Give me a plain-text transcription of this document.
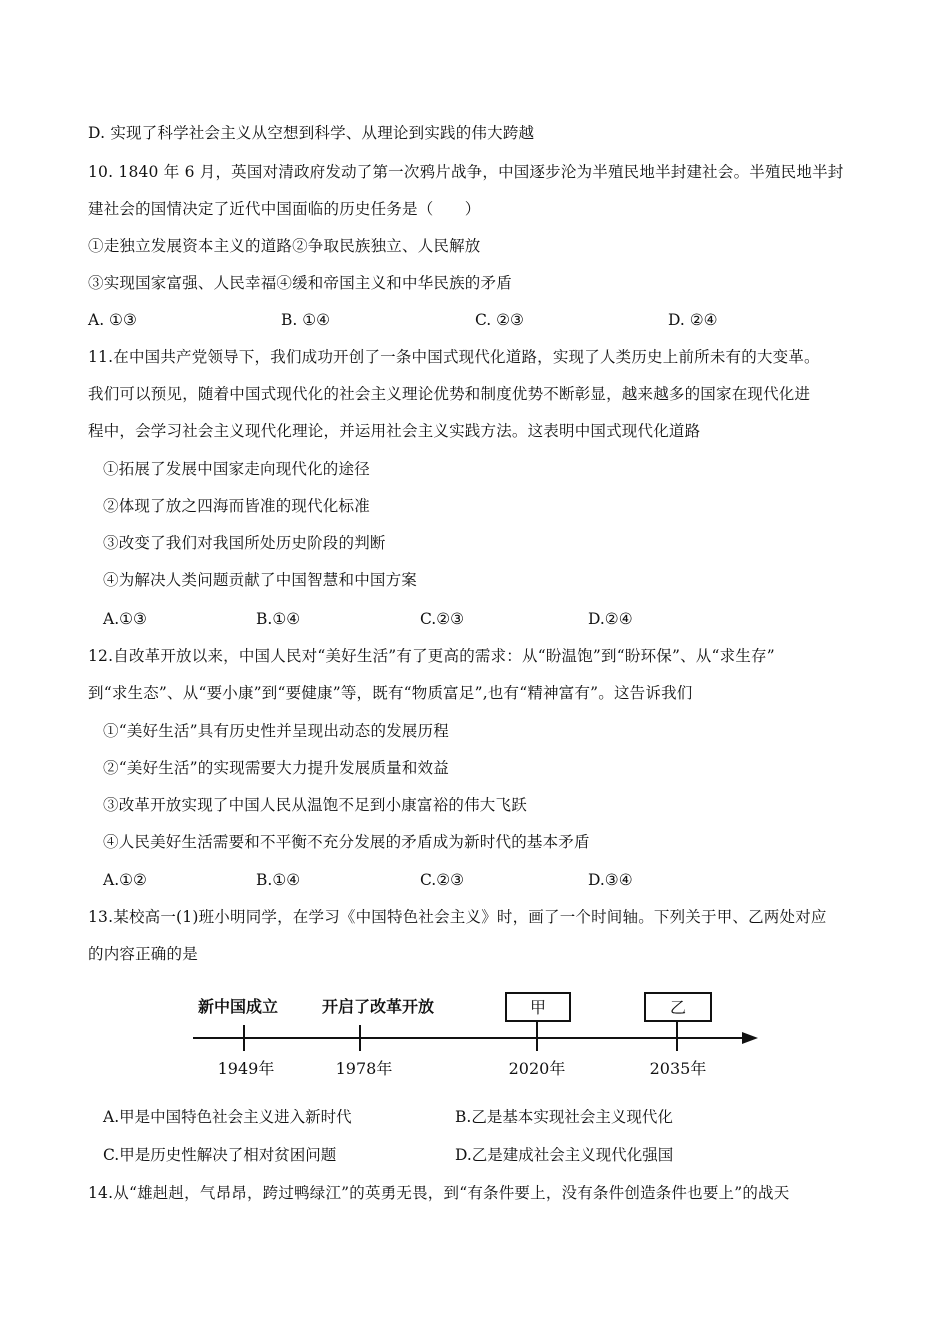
D. 实现了科学社会主义从空想到科学、从理论到实践的伟大跨越
10. 1840 年 6 月，英国对清政府发动了第一次鸦片战争，中国逐步沦为半殖民地半封建社会。半殖民地半封
建社会的国情决定了近代中国面临的历史任务是（　　）
①走独立发展资本主义的道路②争取民族独立、人民解放
③实现国家富强、人民幸福④缓和帝国主义和中华民族的矛盾
A. ①③	B. ①④	C. ②③	D. ②④
11.在中国共产党领导下，我们成功开创了一条中国式现代化道路，实现了人类历史上前所未有的大变革。
我们可以预见，随着中国式现代化的社会主义理论优势和制度优势不断彰显，越来越多的国家在现代化进
程中，会学习社会主义现代化理论，并运用社会主义实践方法。这表明中国式现代化道路
①拓展了发展中国家走向现代化的途径
②体现了放之四海而皆准的现代化标准
③改变了我们对我国所处历史阶段的判断
④为解决人类问题贡献了中国智慧和中国方案
A.①③	B.①④	C.②③	D.②④
12.自改革开放以来，中国人民对“美好生活”有了更高的需求：从“盼温饱”到“盼环保”、从“求生存”
到“求生态”、从“要小康”到“要健康”等，既有“物质富足”,也有“精神富有”。这告诉我们
①“美好生活”具有历史性并呈现出动态的发展历程
②“美好生活”的实现需要大力提升发展质量和效益
③改革开放实现了中国人民从温饱不足到小康富裕的伟大飞跃
④人民美好生活需要和不平衡不充分发展的矛盾成为新时代的基本矛盾
A.①②	B.①④	C.②③	D.③④
13.某校高一(1)班小明同学，在学习《中国特色社会主义》时，画了一个时间轴。下列关于甲、乙两处对应
的内容正确的是
新中国成立	开启了改革开放	甲	乙
1949年	1978年	2020年	2035年
A.甲是中国特色社会主义进入新时代	B.乙是基本实现社会主义现代化
C.甲是历史性解决了相对贫困问题	D.乙是建成社会主义现代化强国
14.从“雄赳赳，气昂昂，跨过鸭绿江”的英勇无畏，到“有条件要上，没有条件创造条件也要上”的战天
